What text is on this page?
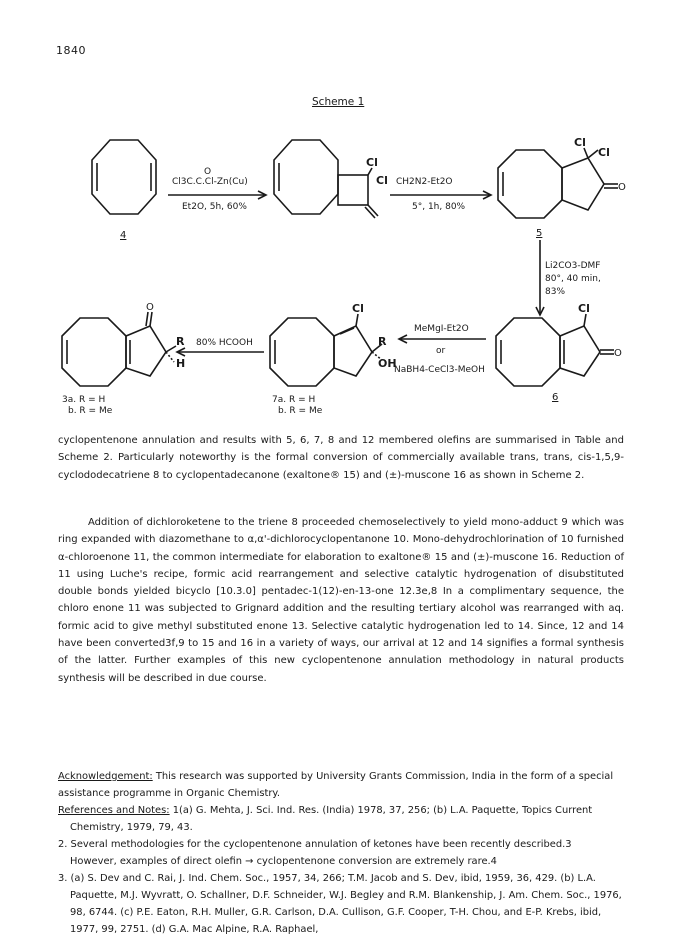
1840
Scheme 1
4
O
Cl3C.C.Cl-Zn(Cu)
Et2O, 5h, 60%
Cl
Cl CH2N2-Et2O
5°, 1h, 80%
Cl
Cl
O
5
Li2CO3-DMF
80°, 40 min,
83%
Cl
O
6
MeMgI-Et2O
or
NaBH4-CeCl3-MeOH
Cl
R
OH
7a. R = H
b. R = Me
80% HCOOH
O
R
H
3a. R = H
b. R = Me

cyclopentenone annulation and results with 5, 6, 7, 8 and 12 membered olefins are summarised in Table and Scheme 2. Particularly noteworthy is the formal conversion of commercially available trans, trans, cis-1,5,9-cyclododecatriene 8 to cyclopentadecanone (exaltone® 15) and (±)-muscone 16 as shown in Scheme 2.

Addition of dichloroketene to the triene 8 proceeded chemoselectively to yield mono-adduct 9 which was ring expanded with diazomethane to α,α'-dichlorocyclopentanone 10. Mono-dehydrochlorination of 10 furnished α-chloroenone 11, the common intermediate for elaboration to exaltone® 15 and (±)-muscone 16. Reduction of 11 using Luche's recipe, formic acid rearrangement and selective catalytic hydrogenation of disubstituted double bonds yielded bicyclo [10.3.0] pentadec-1(12)-en-13-one 12.3e,8 In a complimentary sequence, the chloro enone 11 was subjected to Grignard addition and the resulting tertiary alcohol was rearranged with aq. formic acid to give methyl substituted enone 13. Selective catalytic hydrogenation led to 14. Since, 12 and 14 have been converted3f,9 to 15 and 16 in a variety of ways, our arrival at 12 and 14 signifies a formal synthesis of the latter. Further examples of this new cyclopentenone annulation methodology in natural products synthesis will be described in due course.

Acknowledgement: This research was supported by University Grants Commission, India in the form of a special assistance programme in Organic Chemistry.

References and Notes: 1(a) G. Mehta, J. Sci. Ind. Res. (India) 1978, 37, 256; (b) L.A. Paquette, Topics Current Chemistry, 1979, 79, 43.

2. Several methodologies for the cyclopentenone annulation of ketones have been recently described.3

However, examples of direct olefin → cyclopentenone conversion are extremely rare.4

3. (a) S. Dev and C. Rai, J. Ind. Chem. Soc., 1957, 34, 266; T.M. Jacob and S. Dev, ibid, 1959, 36, 429. (b) L.A. Paquette, M.J. Wyvratt, O. Schallner, D.F. Schneider, W.J. Begley and R.M. Blankenship, J. Am. Chem. Soc., 1976, 98, 6744. (c) P.E. Eaton, R.H. Muller, G.R. Carlson, D.A. Cullison, G.F. Cooper, T-H. Chou, and E-P. Krebs, ibid, 1977, 99, 2751. (d) G.A. Mac Alpine, R.A. Raphael,
